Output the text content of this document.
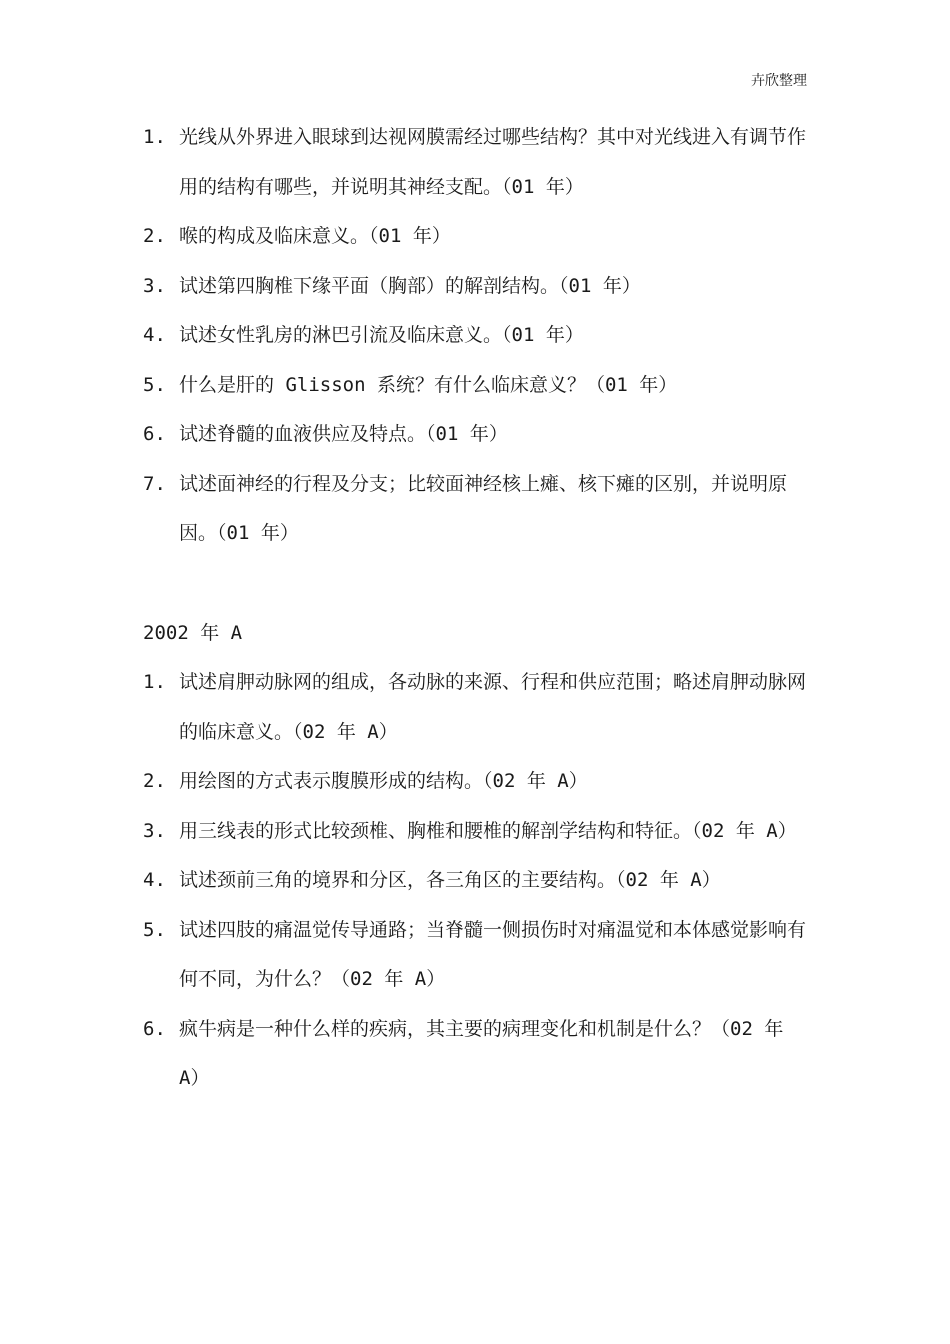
卉欣整理
1. 光线从外界进入眼球到达视网膜需经过哪些结构？其中对光线进入有调节作用的结构有哪些，并说明其神经支配。（01 年）
2. 喉的构成及临床意义。（01 年）
3. 试述第四胸椎下缘平面（胸部）的解剖结构。（01 年）
4. 试述女性乳房的淋巴引流及临床意义。（01 年）
5. 什么是肝的 Glisson 系统？有什么临床意义？（01 年）
6. 试述脊髓的血液供应及特点。（01 年）
7. 试述面神经的行程及分支；比较面神经核上瘫、核下瘫的区别，并说明原因。（01 年）
2002 年 A
1. 试述肩胛动脉网的组成，各动脉的来源、行程和供应范围；略述肩胛动脉网的临床意义。（02 年 A）
2. 用绘图的方式表示腹膜形成的结构。（02 年 A）
3. 用三线表的形式比较颈椎、胸椎和腰椎的解剖学结构和特征。（02 年 A）
4. 试述颈前三角的境界和分区，各三角区的主要结构。（02 年 A）
5. 试述四肢的痛温觉传导通路；当脊髓一侧损伤时对痛温觉和本体感觉影响有何不同，为什么？（02 年 A）
6. 疯牛病是一种什么样的疾病，其主要的病理变化和机制是什么？（02 年 A）
